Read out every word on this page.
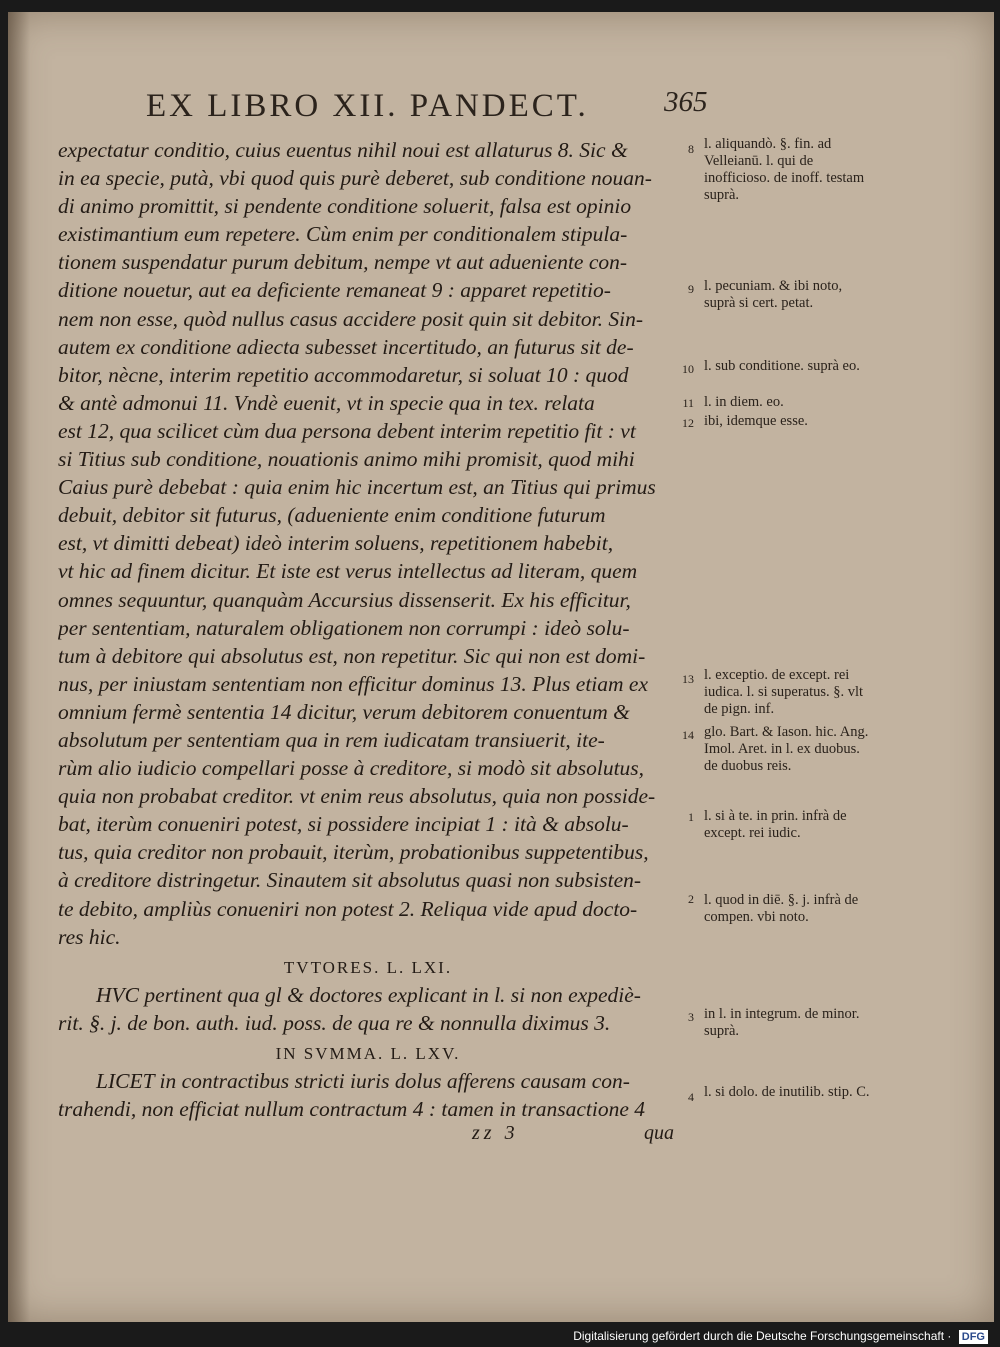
EX LIBRO XII. PANDECT.	365
expectatur conditio, cuius euentus nihil noui est allaturus 8. Sic &
in ea specie, putà, vbi quod quis purè deberet, sub conditione nouan-
di animo promittit, si pendente conditione soluerit, falsa est opinio
existimantium eum repetere. Cùm enim per conditionalem stipula-
tionem suspendatur purum debitum, nempe vt aut adueniente con-
ditione nouetur, aut ea deficiente remaneat 9 : apparet repetitio-
nem non esse, quòd nullus casus accidere posit quin sit debitor. Sin-
autem ex conditione adiecta subesset incertitudo, an futurus sit de-
bitor, nècne, interim repetitio accommodaretur, si soluat 10 : quod
& antè admonui 11. Vndè euenit, vt in specie qua in tex. relata
est 12, qua scilicet cùm dua persona debent interim repetitio fit : vt
si Titius sub conditione, nouationis animo mihi promisit, quod mihi
Caius purè debebat : quia enim hic incertum est, an Titius qui primus
debuit, debitor sit futurus, (adueniente enim conditione futurum
est, vt dimitti debeat) ideò interim soluens, repetitionem habebit,
vt hic ad finem dicitur. Et iste est verus intellectus ad literam, quem
omnes sequuntur, quanquàm Accursius dissenserit. Ex his efficitur,
per sententiam, naturalem obligationem non corrumpi : ideò solu-
tum à debitore qui absolutus est, non repetitur. Sic qui non est domi-
nus, per iniustam sententiam non efficitur dominus 13. Plus etiam ex
omnium fermè sententia 14 dicitur, verum debitorem conuentum &
absolutum per sententiam qua in rem iudicatam transiuerit, ite-
rùm alio iudicio compellari posse à creditore, si modò sit absolutus,
quia non probabat creditor. vt enim reus absolutus, quia non posside-
bat, iterùm conueniri potest, si possidere incipiat 1 : ità & absolu-
tus, quia creditor non probauit, iterùm, probationibus suppetentibus,
à creditore distringetur. Sinautem sit absolutus quasi non subsisten-
te debito, ampliùs conueniri non potest 2. Reliqua vide apud docto-
res hic.
TVTORES. L. LXI.
HVC pertinent qua gl & doctores explicant in l. si non expediè-
rit. §. j. de bon. auth. iud. poss. de qua re & nonnulla diximus 3.
IN SVMMA. L. LXV.
LICET in contractibus stricti iuris dolus afferens causam con-
trahendi, non efficiat nullum contractum 4 : tamen in transactione 4
8 l. aliquandò. §. fin. ad Velleianū. l. qui de inofficioso. de inoff. testam suprà.
9 l. pecuniam. & ibi noto, suprà si cert. petat.
10 l. sub conditione. suprà eo.
11 l. in diem. eo.
12 ibi, idemque esse.
13 l. exceptio. de except. rei iudica. l. si superatus. §. vlt de pign. inf.
14 glo. Bart. & Iason. hic. Ang. Imol. Aret. in l. ex duobus. de duobus reis.
1 l. si à te. in prin. infrà de except. rei iudic.
2 l. quod in diē. §. j. infrà de compen. vbi noto.
3 in l. in integrum. de minor. suprà.
4 l. si dolo. de inutilib. stip. C.
zz 3	qua
Digitalisierung gefördert durch die Deutsche Forschungsgemeinschaft · DFG
